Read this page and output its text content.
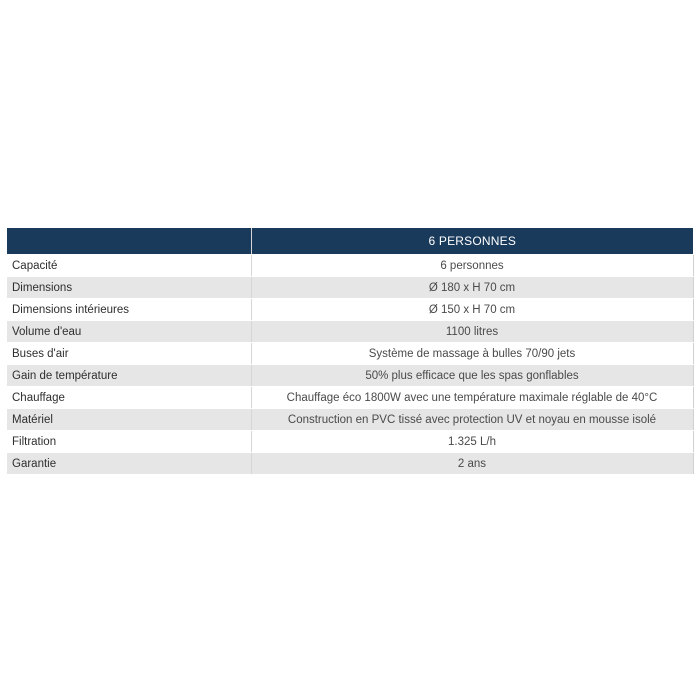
	6 PERSONNES
Capacité	6 personnes
Dimensions	Ø 180 x H 70 cm
Dimensions intérieures	Ø 150 x H 70 cm
Volume d'eau	1100 litres
Buses d'air	Système de massage à bulles 70/90 jets
Gain de température	50% plus efficace que les spas gonflables
Chauffage	Chauffage éco 1800W avec une température maximale réglable de 40°C
Matériel	Construction en PVC tissé avec protection UV et noyau en mousse isolé
Filtration	1.325 L/h
Garantie	2 ans
